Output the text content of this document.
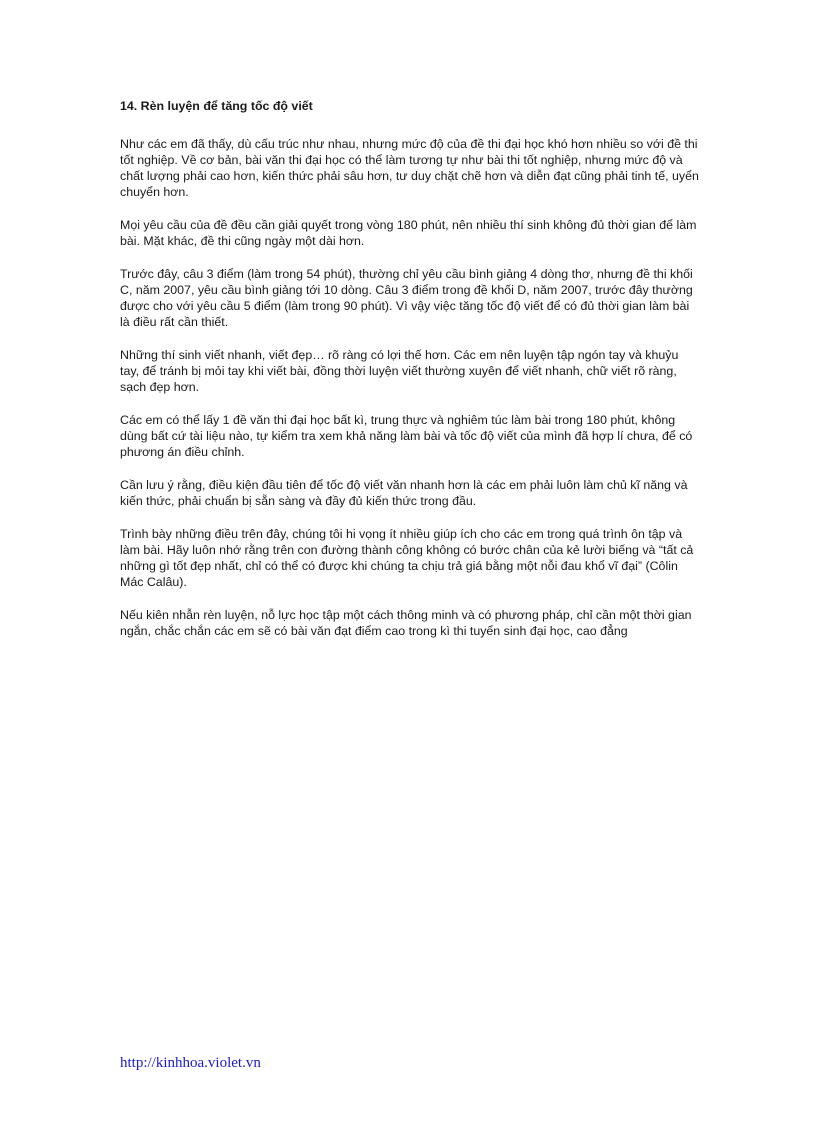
14. Rèn luyện để tăng tốc độ viết

Như các em đã thấy, dù cấu trúc như nhau, nhưng mức độ của đề thi đại học khó hơn nhiều so với đề thi tốt nghiệp. Về cơ bản, bài văn thi đại học có thể làm tương tự như bài thi tốt nghiệp, nhưng mức độ và chất lượng phải cao hơn, kiến thức phải sâu hơn, tư duy chặt chẽ hơn và diễn đạt cũng phải tinh tế, uyển chuyển hơn.

Mọi yêu cầu của đề đều cần giải quyết trong vòng 180 phút, nên nhiều thí sinh không đủ thời gian để làm bài. Mặt khác, đề thi cũng ngày một dài hơn.

Trước đây, câu 3 điểm (làm trong 54 phút), thường chỉ yêu cầu bình giảng 4 dòng thơ, nhưng đề thi khối C, năm 2007, yêu cầu bình giảng tới 10 dòng. Câu 3 điểm trong đề khối D, năm 2007, trước đây thường được cho với yêu cầu 5 điểm (làm trong 90 phút). Vì vậy việc tăng tốc độ viết để có đủ thời gian làm bài là điều rất cần thiết.

Những thí sinh viết nhanh, viết đẹp… rõ ràng có lợi thế hơn. Các em nên luyện tập ngón tay và khuỷu tay, để tránh bị mỏi tay khi viết bài, đồng thời luyện viết thường xuyên để viết nhanh, chữ viết rõ ràng, sạch đẹp hơn.

Các em có thể lấy 1 đề văn thi đại học bất kì, trung thực và nghiêm túc làm bài trong 180 phút, không dùng bất cứ tài liệu nào, tự kiểm tra xem khả năng làm bài và tốc độ viết của mình đã hợp lí chưa, để có phương án điều chỉnh.

Cần lưu ý rằng, điều kiện đầu tiên để tốc độ viết văn nhanh hơn là các em phải luôn làm chủ kĩ năng và kiến thức, phải chuẩn bị sẵn sàng và đầy đủ kiến thức trong đầu.

Trình bày những điều trên đây, chúng tôi hi vọng ít nhiều giúp ích cho các em trong quá trình ôn tập và làm bài. Hãy luôn nhớ rằng trên con đường thành công không có bước chân của kẻ lười biếng và “tất cả những gì tốt đẹp nhất, chỉ có thể có được khi chúng ta chịu trả giá bằng một nỗi đau khổ vĩ đại” (Côlin Mác Calâu).

Nếu kiên nhẫn rèn luyện, nỗ lực học tập một cách thông minh và có phương pháp, chỉ cần một thời gian ngắn, chắc chắn các em sẽ có bài văn đạt điểm cao trong kì thi tuyển sinh đại học, cao đẳng

http://kinhhoa.violet.vn
